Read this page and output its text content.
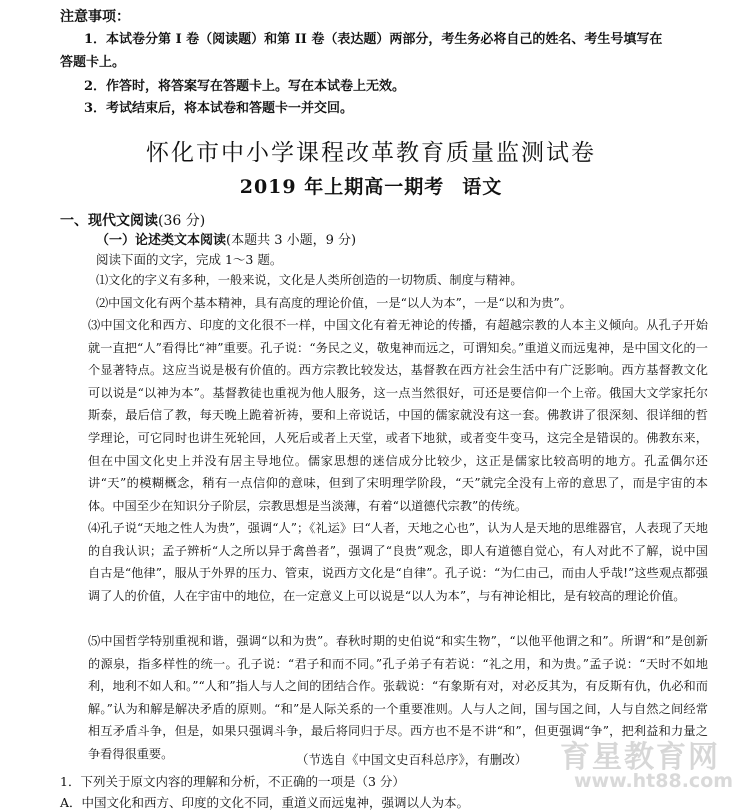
注意事项：
1．本试卷分第 I 卷（阅读题）和第 II 卷（表达题）两部分，考生务必将自己的姓名、考生号填写在
答题卡上。
2．作答时，将答案写在答题卡上。写在本试卷上无效。
3．考试结束后，将本试卷和答题卡一并交回。
怀化市中小学课程改革教育质量监测试卷
2019 年上期高一期考 语文
一、现代文阅读(36 分)
（一）论述类文本阅读(本题共 3 小题，9 分)
阅读下面的文字，完成 1～3 题。
⑴文化的字义有多种，一般来说，文化是人类所创造的一切物质、制度与精神。
⑵中国文化有两个基本精神，具有高度的理论价值，一是“以人为本”，一是“以和为贵”。
⑶中国文化和西方、印度的文化很不一样，中国文化有着无神论的传播，有超越宗教的人本主义倾向。从孔子开始就一直把“人”看得比“神”重要。孔子说：“务民之义，敬鬼神而远之，可谓知矣。”重道义而远鬼神，是中国文化的一个显著特点。这应当说是极有价值的。西方宗教比较发达，基督教在西方社会生活中有广泛影响。西方基督教文化可以说是“以神为本”。基督教徒也重视为他人服务，这一点当然很好，可还是要信仰一个上帝。俄国大文学家托尔斯泰，最后信了教，每天晚上跪着祈祷，要和上帝说话，中国的儒家就没有这一套。佛教讲了很深刻、很详细的哲学理论，可它同时也讲生死轮回，人死后或者上天堂，或者下地狱，或者变牛变马，这完全是错误的。佛教东来，但在中国文化史上并没有居主导地位。儒家思想的迷信成分比较少，这正是儒家比较高明的地方。孔孟偶尔还讲“天”的模糊概念，稍有一点信仰的意味，但到了宋明理学阶段，“天”就完全没有上帝的意思了，而是宇宙的本体。中国至少在知识分子阶层，宗教思想是当淡薄，有着“以道德代宗教”的传统。
⑷孔子说“天地之性人为贵”，强调“人”；《礼运》曰“人者，天地之心也”，认为人是天地的思维器官，人表现了天地的自我认识；孟子辨析“人之所以异于禽兽者”，强调了“良贵”观念，即人有道德自觉心，有人对此不了解，说中国自古是“他律”，服从于外界的压力、管束，说西方文化是“自律”。孔子说：“为仁由己，而由人乎哉!”这些观点都强调了人的价值，人在宇宙中的地位，在一定意义上可以说是“以人为本”，与有神论相比，是有较高的理论价值。
⑸中国哲学特别重视和谐，强调“以和为贵”。春秋时期的史伯说“和实生物”，“以他平他谓之和”。所谓“和”是创新的源泉，指多样性的统一。孔子说：“君子和而不同。”孔子弟子有若说：“礼之用，和为贵。”孟子说：“天时不如地利，地利不如人和。”“人和”指人与人之间的团结合作。张载说：“有象斯有对，对必反其为，有反斯有仇，仇必和而解。”认为和解是解决矛盾的原则。“和”是人际关系的一个重要准则。人与人之间，国与国之间，人与自然之间经常相互矛盾斗争，但是，如果只强调斗争，最后将同归于尽。西方也不是不讲“和”，但更强调“争”，把利益和力量之争看得很重要。	（节选自《中国文史百科总序》，有删改）
1．下列关于原文内容的理解和分析，不正确的一项是（3 分）
A．中国文化和西方、印度的文化不同，重道义而远鬼神，强调以人为本。
育星教育网
www.ht88.com
